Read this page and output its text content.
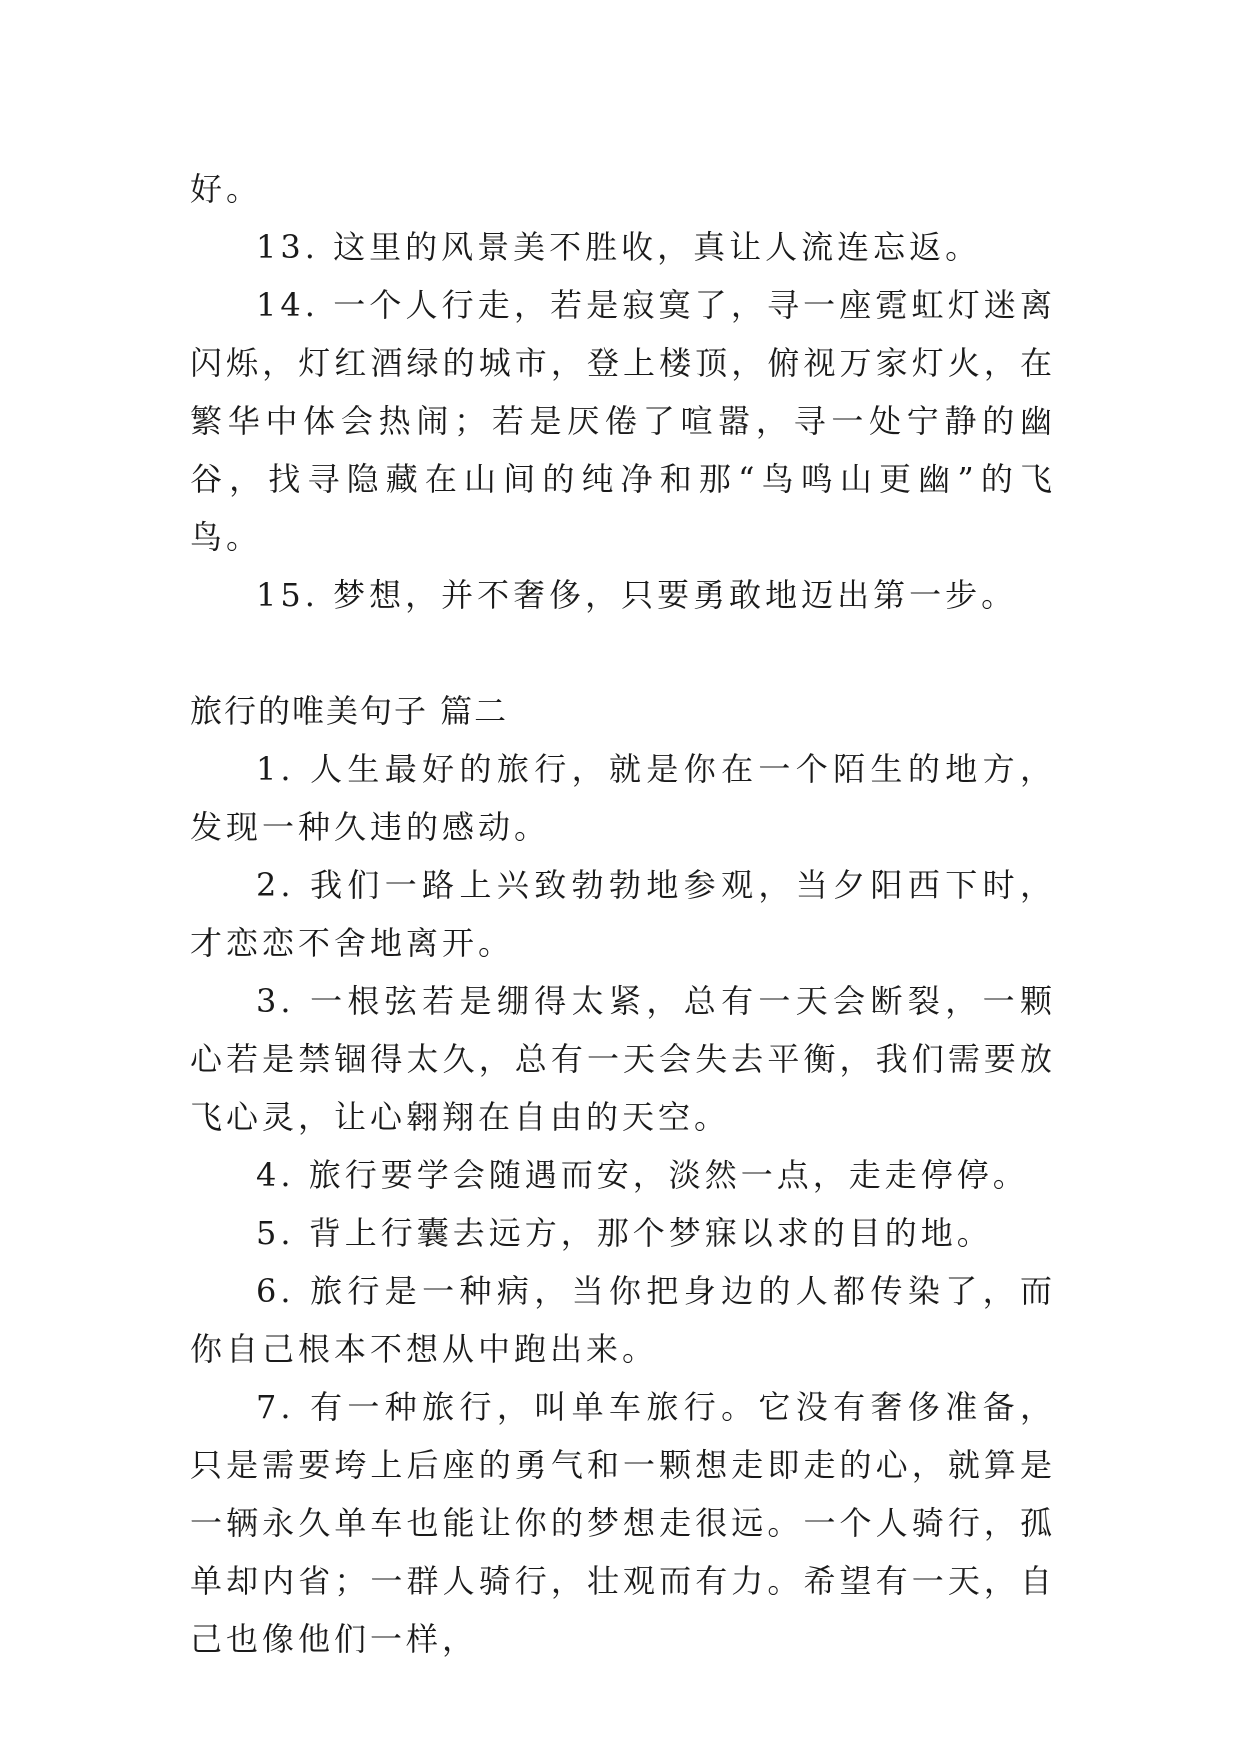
好。

13. 这里的风景美不胜收，真让人流连忘返。

14. 一个人行走，若是寂寞了，寻一座霓虹灯迷离闪烁，灯红酒绿的城市，登上楼顶，俯视万家灯火，在繁华中体会热闹；若是厌倦了喧嚣，寻一处宁静的幽谷，找寻隐藏在山间的纯净和那“鸟鸣山更幽”的飞鸟。

15. 梦想，并不奢侈，只要勇敢地迈出第一步。

旅行的唯美句子 篇二

1. 人生最好的旅行，就是你在一个陌生的地方，发现一种久违的感动。

2. 我们一路上兴致勃勃地参观，当夕阳西下时，才恋恋不舍地离开。

3. 一根弦若是绷得太紧，总有一天会断裂，一颗心若是禁锢得太久，总有一天会失去平衡，我们需要放飞心灵，让心翱翔在自由的天空。

4. 旅行要学会随遇而安，淡然一点，走走停停。

5. 背上行囊去远方，那个梦寐以求的目的地。

6. 旅行是一种病，当你把身边的人都传染了，而你自己根本不想从中跑出来。

7. 有一种旅行，叫单车旅行。它没有奢侈准备，只是需要垮上后座的勇气和一颗想走即走的心，就算是一辆永久单车也能让你的梦想走很远。一个人骑行，孤单却内省；一群人骑行，壮观而有力。希望有一天，自己也像他们一样，
